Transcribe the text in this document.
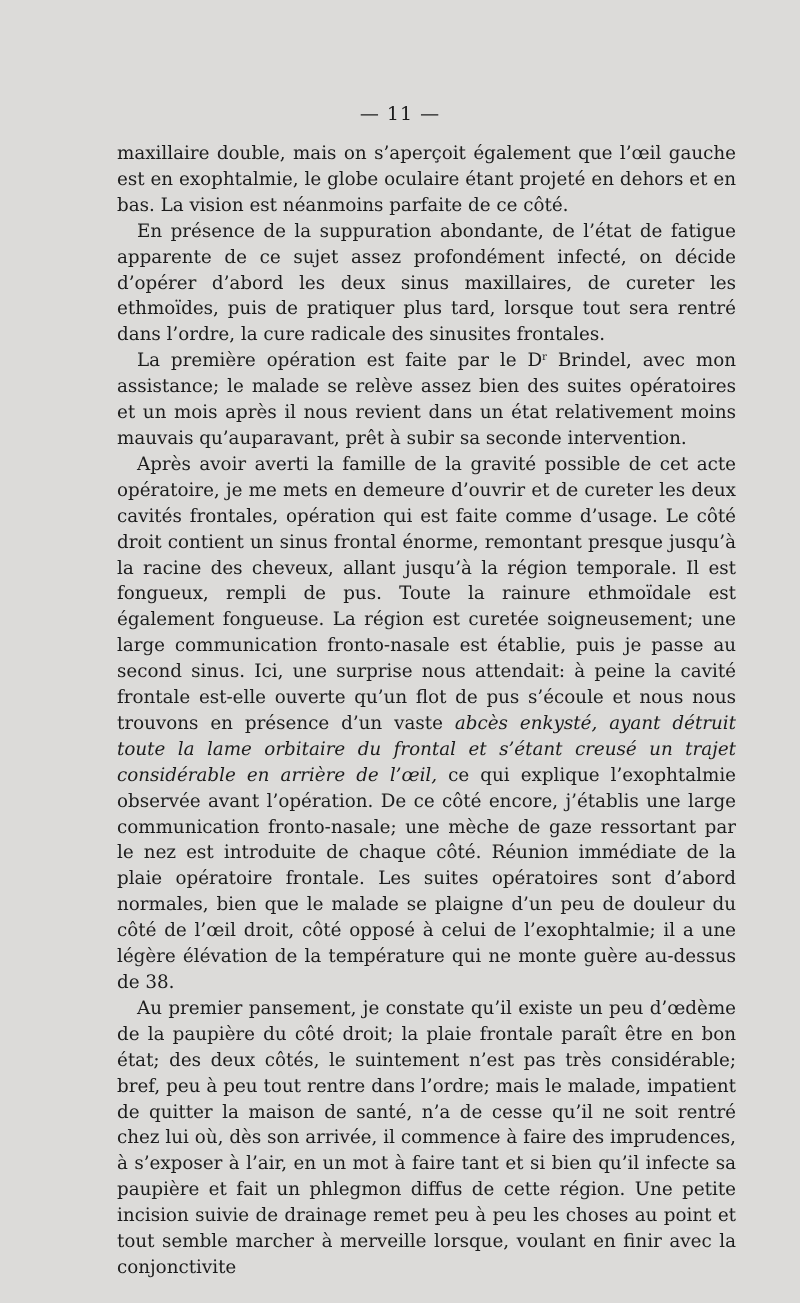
— 11 —

maxillaire double, mais on s’aperçoit également que l’œil gauche est en exophtalmie, le globe oculaire étant projeté en dehors et en bas. La vision est néanmoins parfaite de ce côté.

En présence de la suppuration abondante, de l’état de fatigue apparente de ce sujet assez profondément infecté, on décide d’opérer d’abord les deux sinus maxillaires, de cureter les ethmoïdes, puis de pratiquer plus tard, lorsque tout sera rentré dans l’ordre, la cure radicale des sinusites frontales.

La première opération est faite par le $D^r$ Brindel, avec mon assistance; le malade se relève assez bien des suites opératoires et un mois après il nous revient dans un état relativement moins mauvais qu’auparavant, prêt à subir sa seconde intervention.

Après avoir averti la famille de la gravité possible de cet acte opératoire, je me mets en demeure d’ouvrir et de cureter les deux cavités frontales, opération qui est faite comme d’usage. Le côté droit contient un sinus frontal énorme, remontant presque jusqu’à la racine des cheveux, allant jusqu’à la région temporale. Il est fongueux, rempli de pus. Toute la rainure ethmoïdale est également fongueuse. La région est curetée soigneusement; une large communication fronto-nasale est établie, puis je passe au second sinus. Ici, une surprise nous attendait: à peine la cavité frontale est-elle ouverte qu’un flot de pus s’écoule et nous nous trouvons en présence d’un vaste abcès enkysté, ayant détruit toute la lame orbitaire du frontal et s’étant creusé un trajet considérable en arrière de l’œil, ce qui explique l’exophtalmie observée avant l’opération. De ce côté encore, j’établis une large communication fronto-nasale; une mèche de gaze ressortant par le nez est introduite de chaque côté. Réunion immédiate de la plaie opératoire frontale. Les suites opératoires sont d’abord normales, bien que le malade se plaigne d’un peu de douleur du côté de l’œil droit, côté opposé à celui de l’exophtalmie; il a une légère élévation de la température qui ne monte guère au-dessus de 38.

Au premier pansement, je constate qu’il existe un peu d’œdème de la paupière du côté droit; la plaie frontale paraît être en bon état; des deux côtés, le suintement n’est pas très considérable; bref, peu à peu tout rentre dans l’ordre; mais le malade, impatient de quitter la maison de santé, n’a de cesse qu’il ne soit rentré chez lui où, dès son arrivée, il commence à faire des imprudences, à s’exposer à l’air, en un mot à faire tant et si bien qu’il infecte sa paupière et fait un phlegmon diffus de cette région. Une petite incision suivie de drainage remet peu à peu les choses au point et tout semble marcher à merveille lorsque, voulant en finir avec la conjonctivite
